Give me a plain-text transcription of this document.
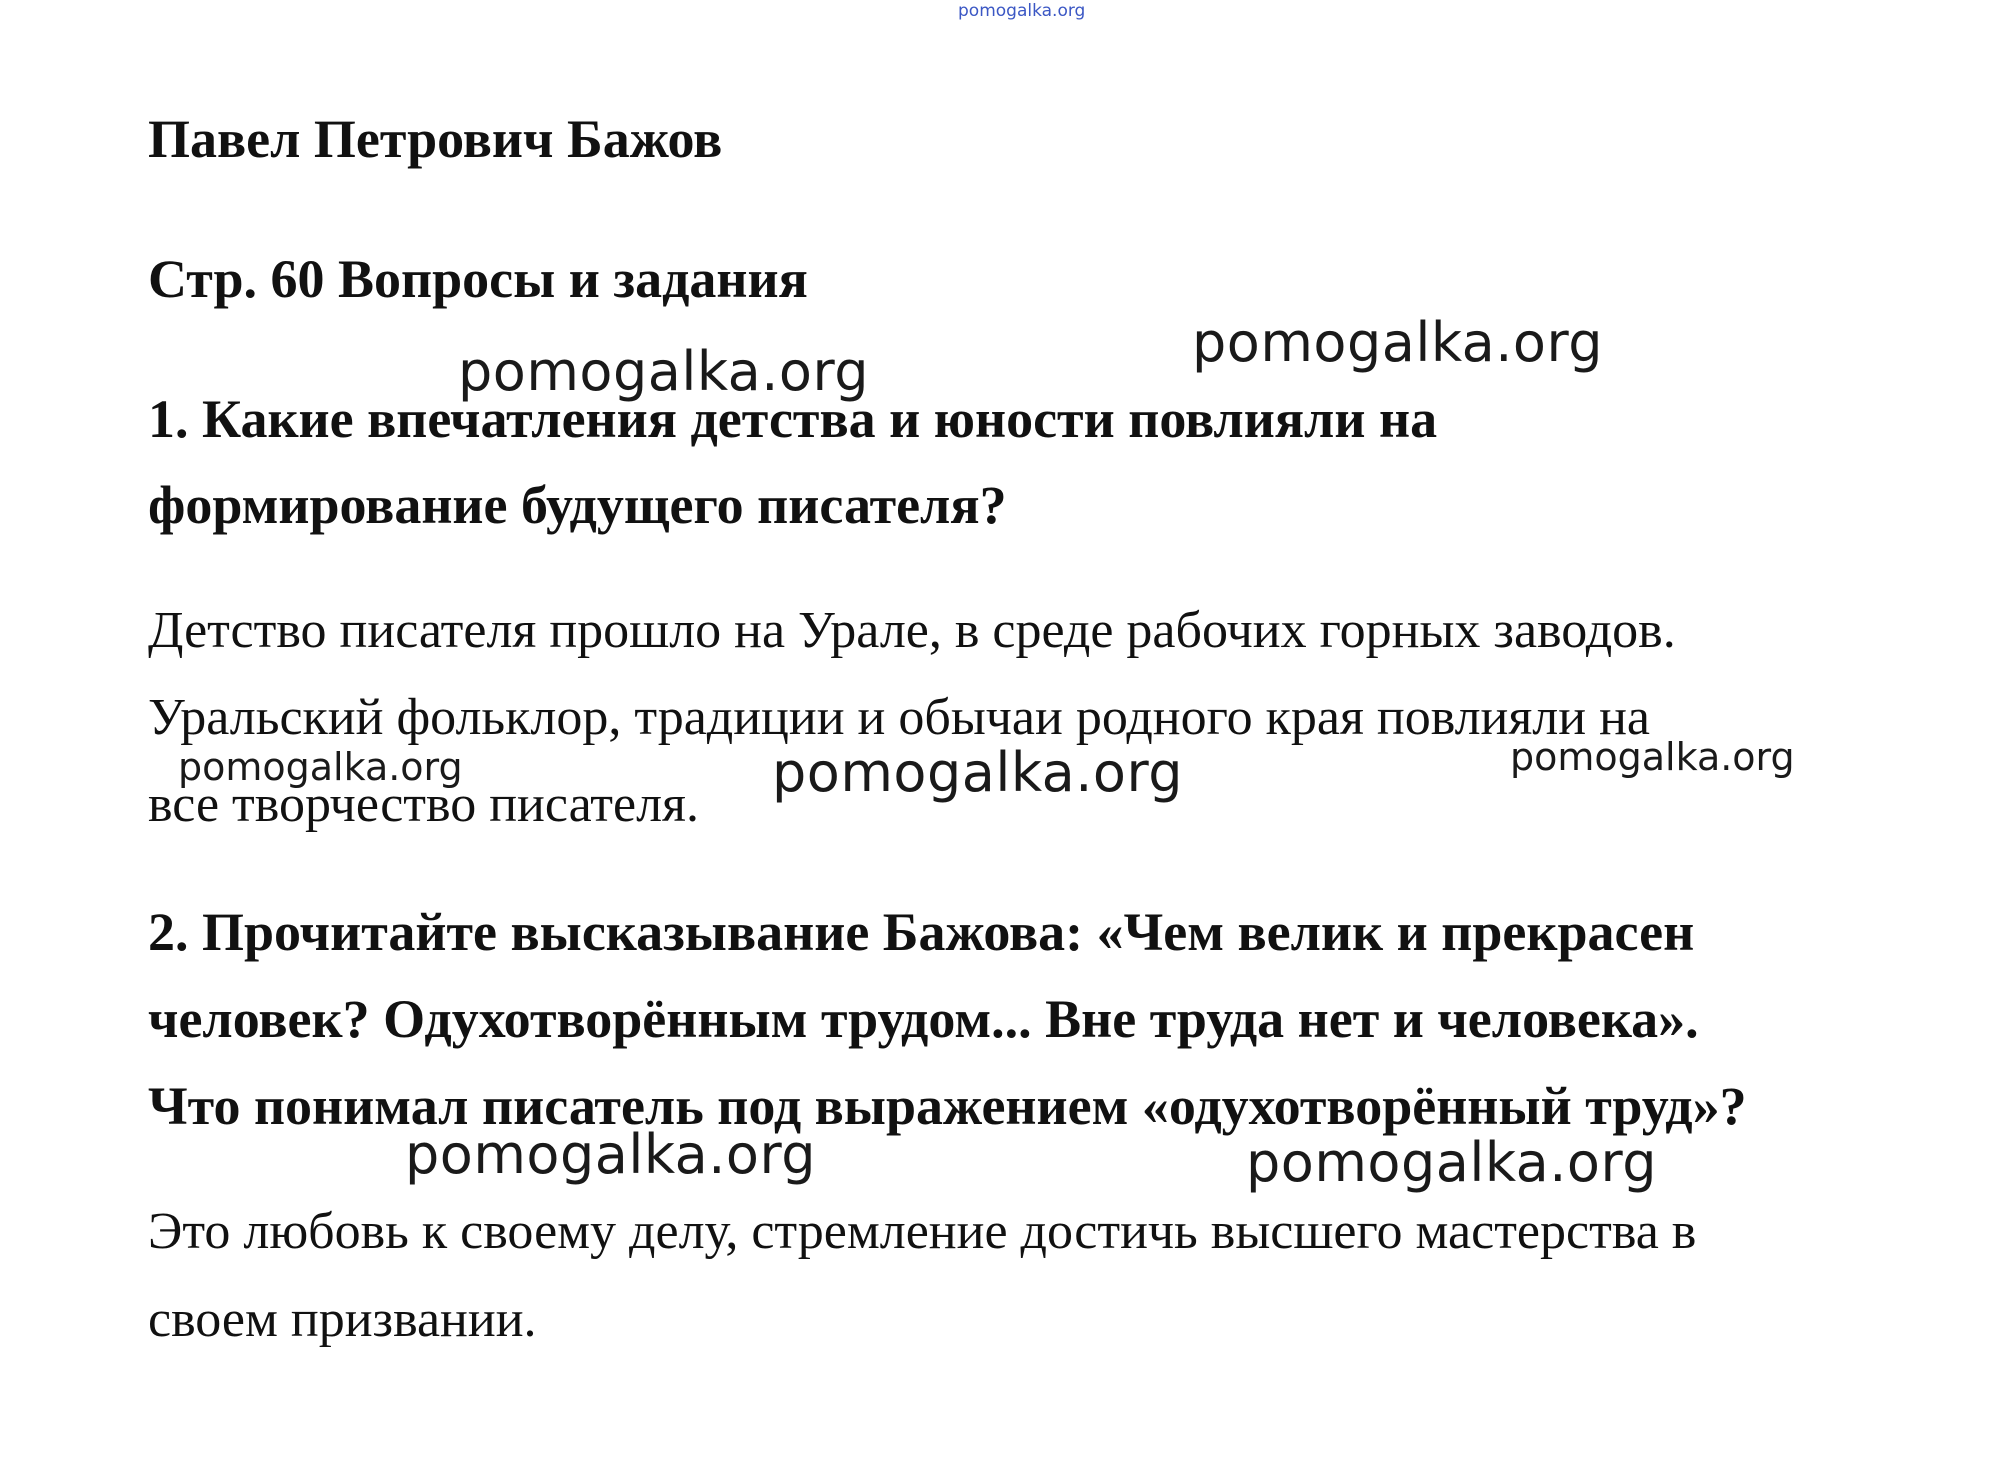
pomogalka.org
Павел Петрович Бажов
Стр. 60 Вопросы и задания
pomogalka.org	pomogalka.org

1. Какие впечатления детства и юности повлияли на

формирование будущего писателя?

Детство писателя прошло на Урале, в среде рабочих горных заводов.

Уральский фольклор, традиции и обычаи родного края повлияли на

все творчество писателя.

pomogalka.org	pomogalka.org	pomogalka.org

2. Прочитайте высказывание Бажова: «Чем велик и прекрасен

человек? Одухотворённым трудом... Вне труда нет и человека».

Что понимал писатель под выражением «одухотворённый труд»?

pomogalka.org	pomogalka.org

Это любовь к своему делу, стремление достичь высшего мастерства в

своем призвании.
